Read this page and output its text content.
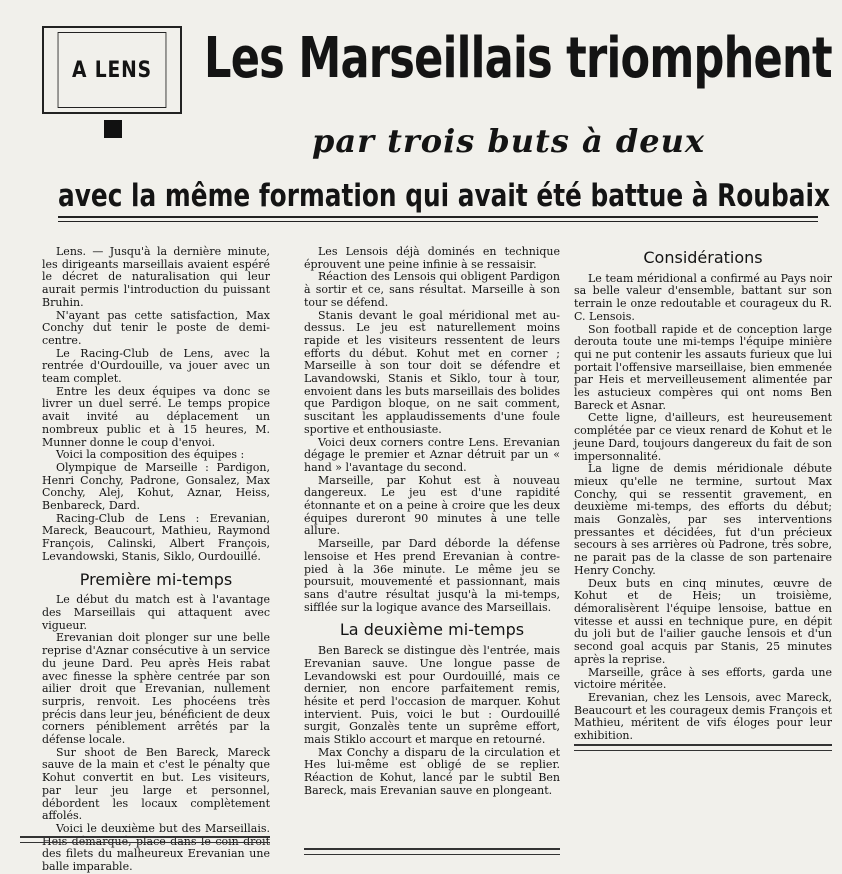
A LENS Les Marseillais triomphent
par trois buts à deux
avec la même formation qui avait été battue à Roubaix

Lens. — Jusqu'à la dernière minute, les dirigeants marseillais avaient espéré le décret de naturalisation qui leur aurait permis l'introduction du puissant Bruhin.

N'ayant pas cette satisfaction, Max Conchy dut tenir le poste de demi-centre.

Le Racing-Club de Lens, avec la rentrée d'Ourdouille, va jouer avec un team complet.

Entre les deux équipes va donc se livrer un duel serré. Le temps propice avait invité au déplacement un nombreux public et à 15 heures, M. Munner donne le coup d'envoi.

Voici la composition des équipes :

Olympique de Marseille : Pardigon, Henri Conchy, Padrone, Gonsalez, Max Conchy, Alej, Kohut, Aznar, Heiss, Benbareck, Dard.

Racing-Club de Lens : Erevanian, Mareck, Beaucourt, Mathieu, Raymond François, Calinski, Albert François, Levandowski, Stanis, Siklo, Ourdouillé.

Première mi-temps

Le début du match est à l'avantage des Marseillais qui attaquent avec vigueur.

Erevanian doit plonger sur une belle reprise d'Aznar consécutive à un service du jeune Dard. Peu après Heis rabat avec finesse la sphère centrée par son ailier droit que Erevanian, nullement surpris, renvoit. Les phocéens très précis dans leur jeu, bénéficient de deux corners péniblement arrêtés par la défense locale.

Sur shoot de Ben Bareck, Mareck sauve de la main et c'est le pénalty que Kohut convertit en but. Les visiteurs, par leur jeu large et personnel, débordent les locaux complètement affolés.

Voici le deuxième but des Marseillais. des filets du malheureux Erevanian une balle imparable.

Les Lensois déjà dominés en technique éprouvent une peine infinie à se ressaisir.

Réaction des Lensois qui obligent Pardigon à sortir et ce, sans résultat. Marseille à son tour se défend.

Stanis devant le goal méridional met au-dessus. Le jeu est naturellement moins rapide et les visiteurs ressentent de leurs efforts du début. Kohut met en corner ; Marseille à son tour doit se défendre et Lavandowski, Stanis et Siklo, tour à tour, envoient dans les buts marseillais des bolides que Pardigon bloque, on ne sait comment, suscitant les applaudissements d'une foule sportive et enthousiaste.

Voici deux corners contre Lens. Erevanian dégage le premier et Aznar détruit par un « hand » l'avantage du second.

Marseille, par Kohut est à nouveau dangereux. Le jeu est d'une rapidité étonnante et on a peine à croire que les deux équipes dureront 90 minutes à une telle allure.

Marseille, par Dard déborde la défense lensoise et Hes prend Erevanian à contre-pied à la 36e minute. Le même jeu se poursuit, mouvementé et passionnant, mais sans d'autre résultat jusqu'à la mi-temps, sifflée sur la logique avance des Marseillais.

La deuxième mi-temps

Ben Bareck se distingue dès l'entrée, mais Erevanian sauve. Une longue passe de Levandowski est pour Ourdouillé, mais ce dernier, non encore parfaitement remis, hésite et perd l'occasion de marquer. Kohut intervient. Puis, voici le but : Ourdouillé surgit, Gonzalès tente un suprême effort, mais Stiklo accourt et marque en retourné.

Max Conchy a disparu de la circulation et Hes lui-même est obligé de se replier. Réaction de Kohut, lancé par le subtil Ben Bareck, mais Erevanian sauve en plongeant.

Considérations

Le team méridional a confirmé au Pays noir sa belle valeur d'ensemble, battant sur son terrain le onze redoutable et courageux du R. C. Lensois.

Son football rapide et de conception large derouta toute une mi-temps l'équipe minière qui ne put contenir les assauts furieux que lui portait l'offensive marseillaise, bien emmenée par Heis et merveilleusement alimentée par les astucieux compères qui ont noms Ben Bareck et Asnar.

Cette ligne, d'ailleurs, est heureusement complétée par ce vieux renard de Kohut et le jeune Dard, toujours dangereux du fait de son impersonnalité.

La ligne de demis méridionale débute mieux qu'elle ne termine, surtout Max Conchy, qui se ressentit gravement, en deuxième mi-temps, des efforts du début; mais Gonzalès, par ses interventions pressantes et décidées, fut d'un précieux secours à ses arrières où Padrone, très sobre, ne parait pas de la classe de son partenaire Henry Conchy.

Deux buts en cinq minutes, œuvre de Kohut et de Heis; un troisième, démoralisèrent l'équipe lensoise, battue en vitesse et aussi en technique pure, en dépit du joli but de l'ailier gauche lensois et d'un second goal acquis par Stanis, 25 minutes après la reprise.

Marseille, grâce à ses efforts, garda une victoire méritée.

Erevanian, chez les Lensois, avec Mareck, Beaucourt et les courageux demis François et Mathieu, méritent de vifs éloges pour leur exhibition.
